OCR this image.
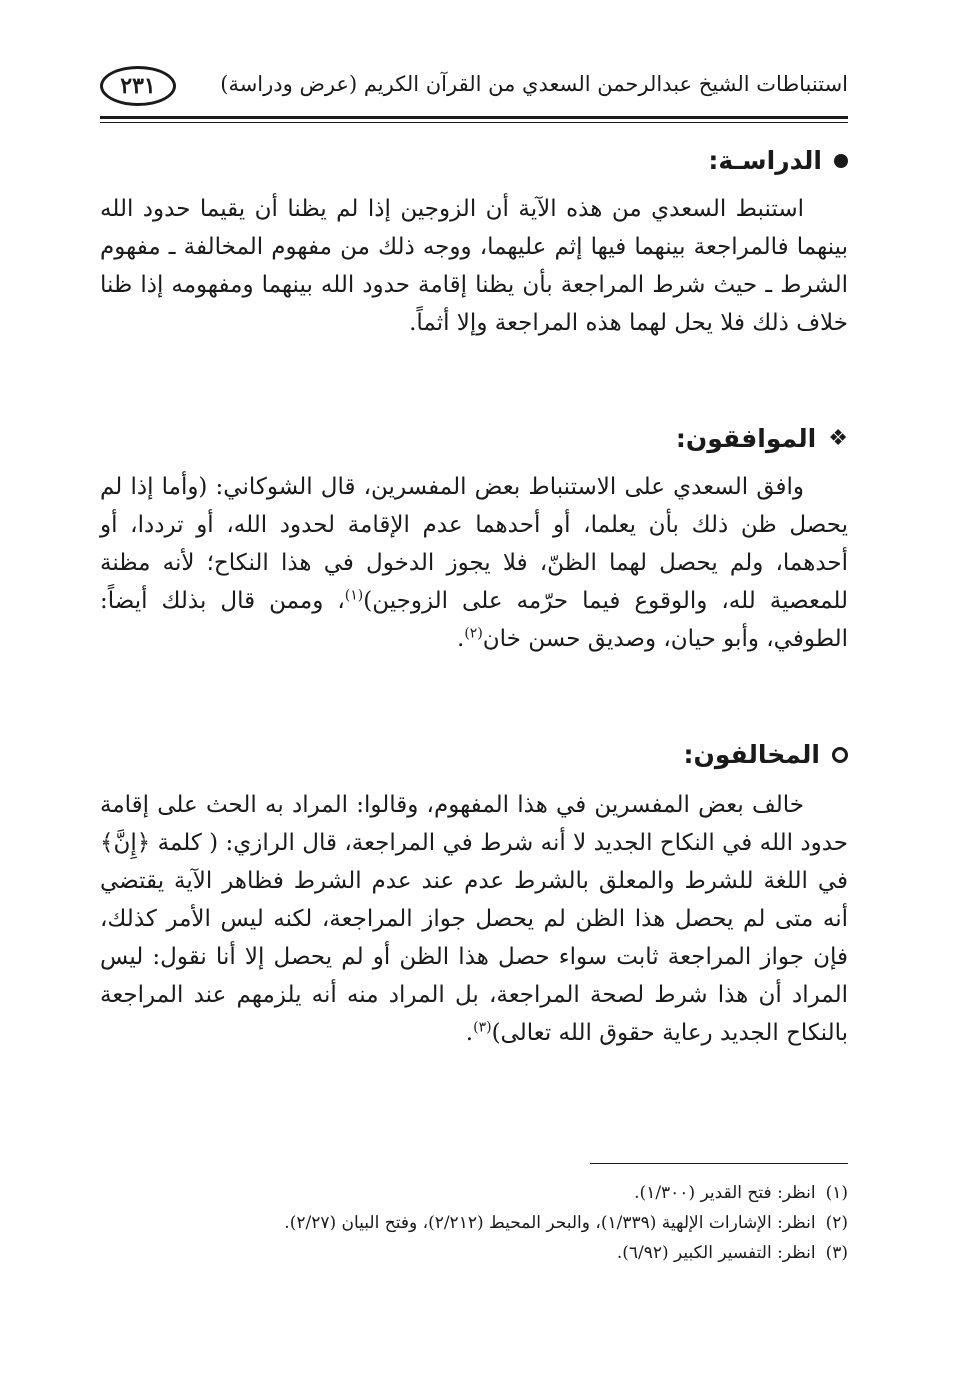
استنباطات الشيخ عبدالرحمن السعدي من القرآن الكريم (عرض ودراسة)
٢٣١
الدراسـة:

استنبط السعدي من هذه الآية أن الزوجين إذا لم يظنا أن يقيما حدود الله بينهما فالمراجعة بينهما فيها إثم عليهما، ووجه ذلك من مفهوم المخالفة ـ مفهوم الشرط ـ حيث شرط المراجعة بأن يظنا إقامة حدود الله بينهما ومفهومه إذا ظنا خلاف ذلك فلا يحل لهما هذه المراجعة وإلا أثماً.

❖
الموافقون:

وافق السعدي على الاستنباط بعض المفسرين، قال الشوكاني: (وأما إذا لم يحصل ظن ذلك بأن يعلما، أو أحدهما عدم الإقامة لحدود الله، أو ترددا، أو أحدهما، ولم يحصل لهما الظنّ، فلا يجوز الدخول في هذا النكاح؛ لأنه مظنة للمعصية لله، والوقوع فيما حرّمه على الزوجين)$^{(١)}$، وممن قال بذلك أيضاً: الطوفي، وأبو حيان، وصديق حسن خان$^{(٢)}$.

المخالفون:

خالف بعض المفسرين في هذا المفهوم، وقالوا: المراد به الحث على إقامة حدود الله في النكاح الجديد لا أنه شرط في المراجعة، قال الرازي: ( كلمة ﴿إِنَّ﴾ في اللغة للشرط والمعلق بالشرط عدم عند عدم الشرط فظاهر الآية يقتضي أنه متى لم يحصل هذا الظن لم يحصل جواز المراجعة، لكنه ليس الأمر كذلك، فإن جواز المراجعة ثابت سواء حصل هذا الظن أو لم يحصل إلا أنا نقول: ليس المراد أن هذا شرط لصحة المراجعة، بل المراد منه أنه يلزمهم عند المراجعة بالنكاح الجديد رعاية حقوق الله تعالى)$^{(٣)}$.

(١)
انظر: فتح القدير (١/٣٠٠).
(٢)
انظر: الإشارات الإلهية (١/٣٣٩)، والبحر المحيط (٢/٢١٢)، وفتح البيان (٢/٢٧).
(٣)
انظر: التفسير الكبير (٦/٩٢).
